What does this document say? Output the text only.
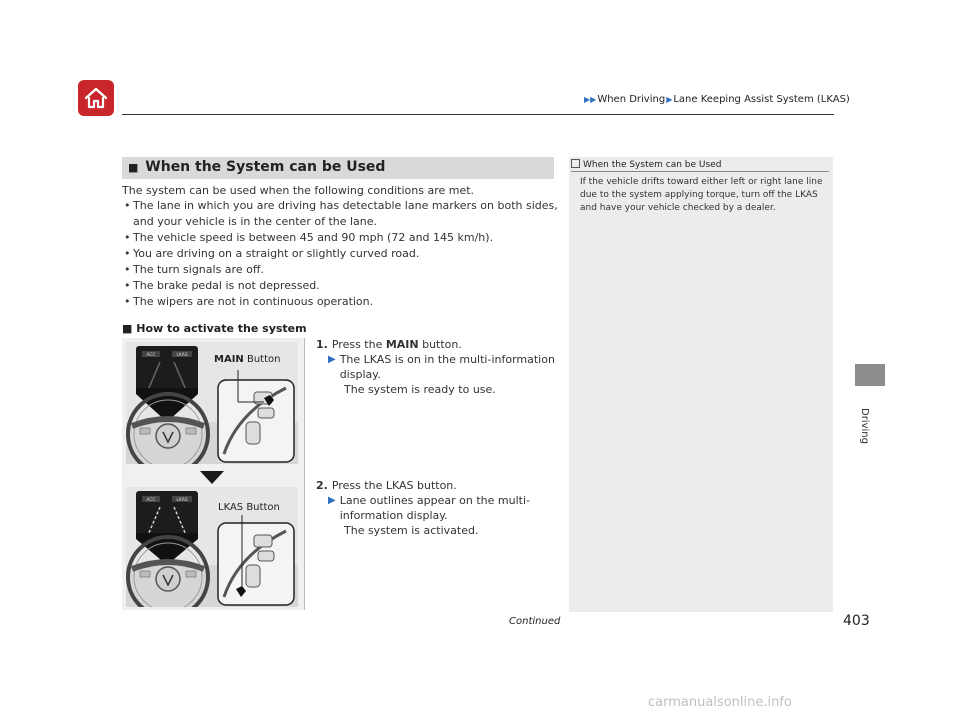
▶▶When Driving▶Lane Keeping Assist System (LKAS)
Driving
■ When the System can be Used
The system can be used when the following conditions are met.
• The lane in which you are driving has detectable lane markers on both sides, and your vehicle is in the center of the lane.
• The vehicle speed is between 45 and 90 mph (72 and 145 km/h).
• You are driving on a straight or slightly curved road.
• The turn signals are off.
• The brake pedal is not depressed.
• The wipers are not in continuous operation.
■ How to activate the system
ACC	LKAS	MAIN Button
ACC	LKAS
LKAS Button
1. Press the MAIN button.
▶ The LKAS is on in the multi-information display.
The system is ready to use.
2. Press the LKAS button.
▶ Lane outlines appear on the multi-information display.
The system is activated.
When the System can be Used
If the vehicle drifts toward either left or right lane line due to the system applying torque, turn off the LKAS and have your vehicle checked by a dealer.
Continued	403
carmanualsonline.info
